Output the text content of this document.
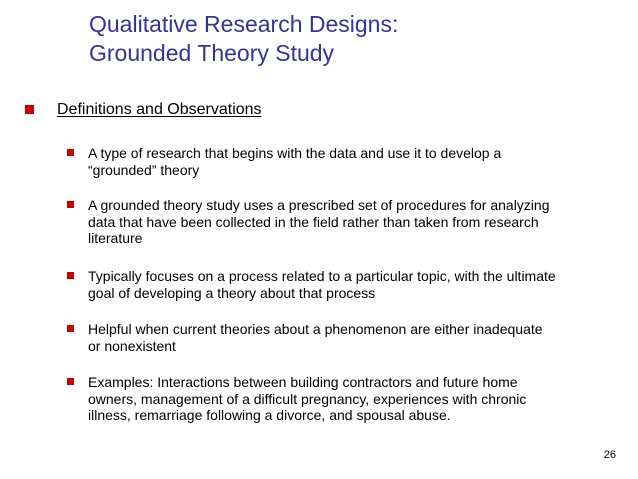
Qualitative Research Designs:
Grounded Theory Study
Definitions and Observations
A type of research that begins with the data and use it to develop a
“grounded” theory
A grounded theory study uses a prescribed set of procedures for analyzing
data that have been collected in the field rather than taken from research
literature
Typically focuses on a process related to a particular topic, with the ultimate
goal of developing a theory about that process
Helpful when current theories about a phenomenon are either inadequate
or nonexistent
Examples: Interactions between building contractors and future home
owners, management of a difficult pregnancy, experiences with chronic
illness, remarriage following a divorce, and spousal abuse.
26
